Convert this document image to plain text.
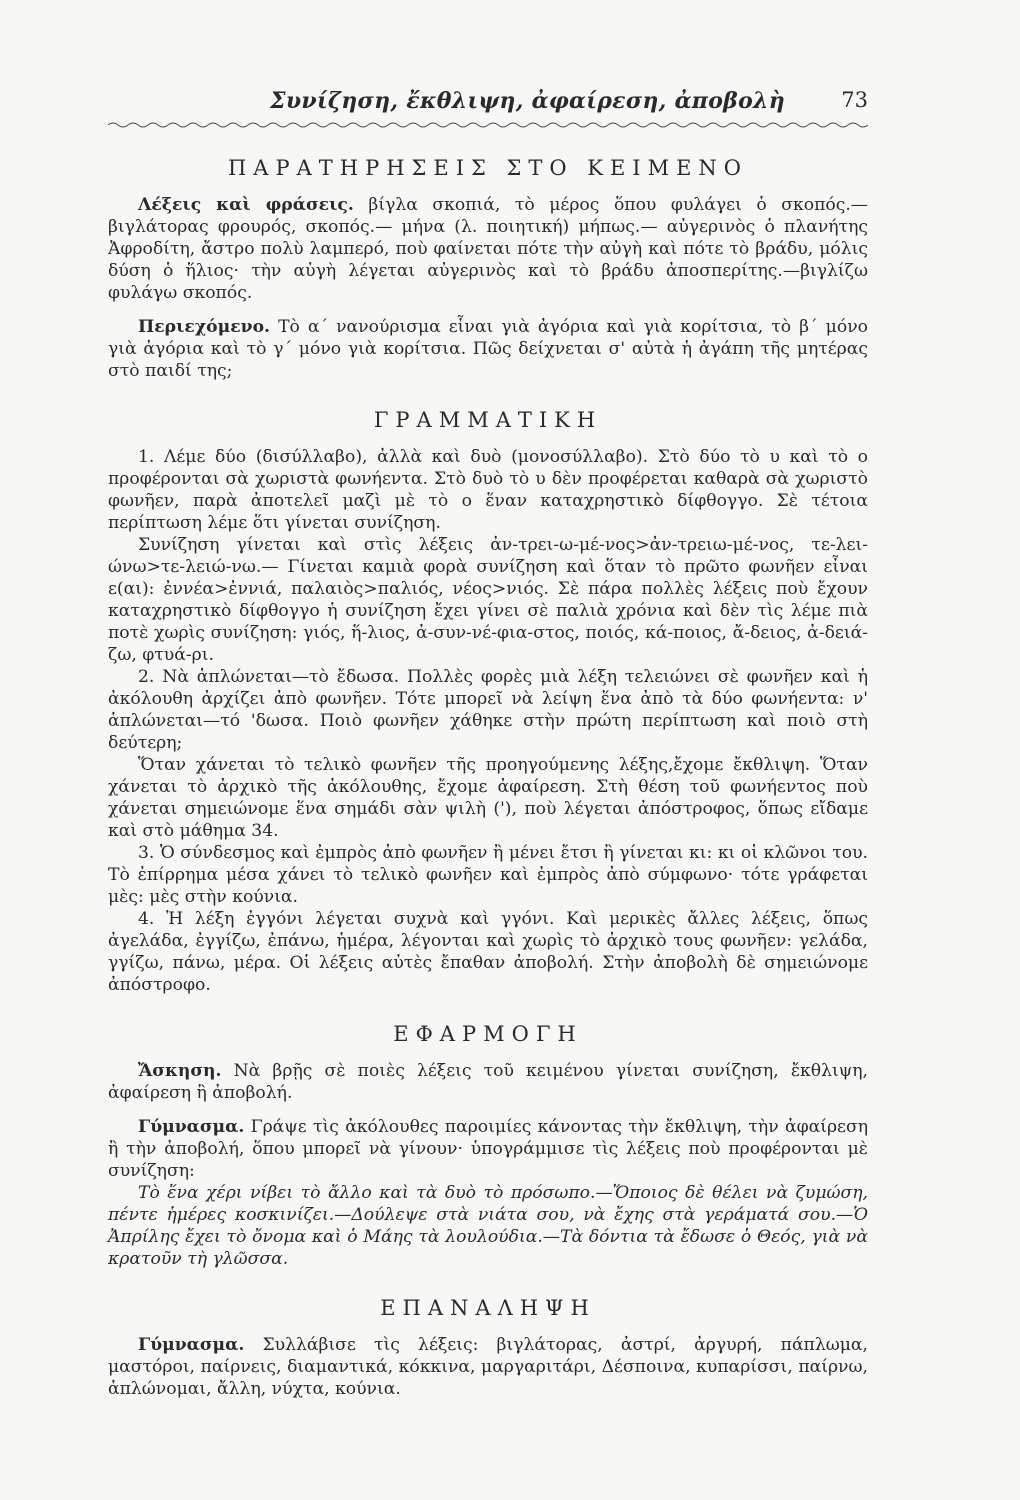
Συνίζηση, ἔκθλιψη, ἀφαίρεση, ἀποβολὴ	73
ΠΑΡΑΤΗΡΗΣΕΙΣ ΣΤΟ ΚΕΙΜΕΝΟ

Λέξεις καὶ φράσεις. βίγλα σκοπιά, τὸ μέρος ὅπου φυλάγει ὁ σκοπός.—βιγλάτορας φρουρός, σκοπός.— μήνα (λ. ποιητική) μήπως.— αὐγερινὸς ὁ πλανήτης Ἀφροδίτη, ἄστρο πολὺ λαμπερό, ποὺ φαίνεται πότε τὴν αὐγὴ καὶ πότε τὸ βράδυ, μόλις δύση ὁ ἥλιος· τὴν αὐγὴ λέγεται αὐγερινὸς καὶ τὸ βράδυ ἀποσπερίτης.—βιγλίζω φυλάγω σκοπός.

Περιεχόμενο. Τὸ α΄ νανούρισμα εἶναι γιὰ ἀγόρια καὶ γιὰ κορίτσια, τὸ β΄ μόνο γιὰ ἀγόρια καὶ τὸ γ΄ μόνο γιὰ κορίτσια. Πῶς δείχνεται σ' αὐτὰ ἡ ἀγάπη τῆς μητέρας στὸ παιδί της;

ΓΡΑΜΜΑΤΙΚΗ

1. Λέμε δύο (δισύλλαβο), ἀλλὰ καὶ δυὸ (μονοσύλλαβο). Στὸ δύο τὸ υ καὶ τὸ ο προφέρονται σὰ χωριστὰ φωνήεντα. Στὸ δυὸ τὸ υ δὲν προφέρεται καθαρὰ σὰ χωριστὸ φωνῆεν, παρὰ ἀποτελεῖ μαζὶ μὲ τὸ ο ἕναν καταχρηστικὸ δίφθογγο. Σὲ τέτοια περίπτωση λέμε ὅτι γίνεται συνίζηση.

Συνίζηση γίνεται καὶ στὶς λέξεις ἀν-τρει-ω-μέ-νος>ἀν-τρειω-μέ-νος, τε-λει-ώνω>τε-λειώ-νω.— Γίνεται καμιὰ φορὰ συνίζηση καὶ ὅταν τὸ πρῶτο φωνῆεν εἶναι ε(αι): ἐννέα>ἐννιά, παλαιὸς>παλιός, νέος>νιός. Σὲ πάρα πολλὲς λέξεις ποὺ ἔχουν καταχρηστικὸ δίφθογγο ἡ συνίζηση ἔχει γίνει σὲ παλιὰ χρόνια καὶ δὲν τὶς λέμε πιὰ ποτὲ χωρὶς συνίζηση: γιός, ἥ-λιος, ἀ-συν-νέ-φια-στος, ποιός, κά-ποιος, ἄ-δειος, ἀ-δειά-ζω, φτυά-ρι.

2. Νὰ ἁπλώνεται—τὸ ἔδωσα. Πολλὲς φορὲς μιὰ λέξη τελειώνει σὲ φωνῆεν καὶ ἡ ἀκόλουθη ἀρχίζει ἀπὸ φωνῆεν. Τότε μπορεῖ νὰ λείψη ἕνα ἀπὸ τὰ δύο φωνήεντα: ν' ἁπλώνεται—τό 'δωσα. Ποιὸ φωνῆεν χάθηκε στὴν πρώτη περίπτωση καὶ ποιὸ στὴ δεύτερη;

Ὅταν χάνεται τὸ τελικὸ φωνῆεν τῆς προηγούμενης λέξης,ἔχομε ἔκθλιψη. Ὅταν χάνεται τὸ ἀρχικὸ τῆς ἀκόλουθης, ἔχομε ἀφαίρεση. Στὴ θέση τοῦ φωνήεντος ποὺ χάνεται σημειώνομε ἕνα σημάδι σὰν ψιλὴ ('), ποὺ λέγεται ἀπόστροφος, ὅπως εἴδαμε καὶ στὸ μάθημα 34.

3. Ὁ σύνδεσμος καὶ ἐμπρὸς ἀπὸ φωνῆεν ἢ μένει ἔτσι ἢ γίνεται κι: κι οἱ κλῶνοι του. Τὸ ἐπίρρημα μέσα χάνει τὸ τελικὸ φωνῆεν καὶ ἐμπρὸς ἀπὸ σύμφωνο· τότε γράφεται μὲς: μὲς στὴν κούνια.

4. Ἡ λέξη ἐγγόνι λέγεται συχνὰ καὶ γγόνι. Καὶ μερικὲς ἄλλες λέξεις, ὅπως ἀγελάδα, ἐγγίζω, ἐπάνω, ἡμέρα, λέγονται καὶ χωρὶς τὸ ἀρχικὸ τους φωνῆεν: γελάδα, γγίζω, πάνω, μέρα. Οἱ λέξεις αὐτὲς ἔπαθαν ἀποβολή. Στὴν ἀποβολὴ δὲ σημειώνομε ἀπόστροφο.

ΕΦΑΡΜΟΓΗ

Ἄσκηση. Νὰ βρῇς σὲ ποιὲς λέξεις τοῦ κειμένου γίνεται συνίζηση, ἔκθλιψη, ἀφαίρεση ἢ ἀποβολή.

Γύμνασμα. Γράψε τὶς ἀκόλουθες παροιμίες κάνοντας τὴν ἔκθλιψη, τὴν ἀφαίρεση ἢ τὴν ἀποβολή, ὅπου μπορεῖ νὰ γίνουν· ὑπογράμμισε τὶς λέξεις ποὺ προφέρονται μὲ συνίζηση:

Τὸ ἕνα χέρι νίβει τὸ ἄλλο καὶ τὰ δυὸ τὸ πρόσωπο.—Ὅποιος δὲ θέλει νὰ ζυμώση, πέντε ἡμέρες κοσκινίζει.—Δούλεψε στὰ νιάτα σου, νὰ ἔχης στὰ γεράματά σου.—Ὁ Ἀπρίλης ἔχει τὸ ὄνομα καὶ ὁ Μάης τὰ λουλούδια.—Τὰ δόντια τὰ ἔδωσε ὁ Θεός, γιὰ νὰ κρατοῦν τὴ γλῶσσα.

ΕΠΑΝΑΛΗΨΗ

Γύμνασμα. Συλλάβισε τὶς λέξεις: βιγλάτορας, ἀστρί, ἀργυρή, πάπλωμα, μαστόροι, παίρνεις, διαμαντικά, κόκκινα, μαργαριτάρι, Δέσποινα, κυπαρίσσι, παίρνω, ἁπλώνομαι, ἄλλη, νύχτα, κούνια.
